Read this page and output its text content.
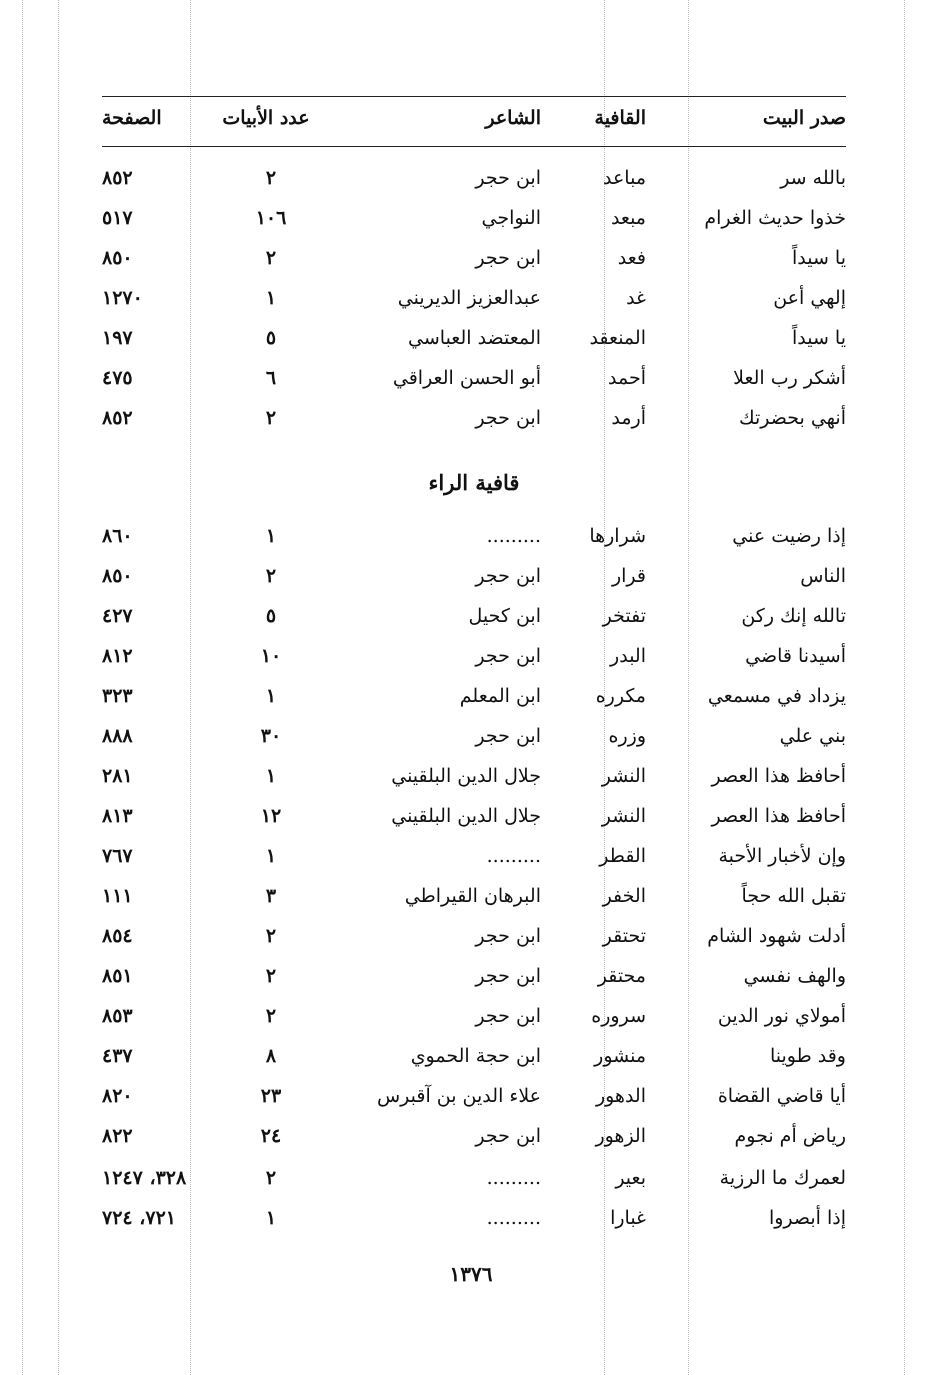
صدر البيت
القافية
الشاعر
عدد الأبيات
الصفحة
بالله سر
مباعد
ابن حجر
٢
٨٥٢
خذوا حديث الغرام
مبعد
النواجي
١٠٦
٥١٧
يا سيداً
فعد
ابن حجر
٢
٨٥٠
إلهي أعن
غد
عبدالعزيز الديريني
١
١٢٧٠
يا سيداً
المنعقد
المعتضد العباسي
٥
١٩٧
أشكر رب العلا
أحمد
أبو الحسن العراقي
٦
٤٧٥
أنهي بحضرتك
أرمد
ابن حجر
٢
٨٥٢
قافية الراء
إذا رضيت عني
شرارها
.........
١
٨٦٠
الناس
قرار
ابن حجر
٢
٨٥٠
تالله إنك ركن
تفتخر
ابن كحيل
٥
٤٢٧
أسيدنا قاضي
البدر
ابن حجر
١٠
٨١٢
يزداد في مسمعي
مكرره
ابن المعلم
١
٣٢٣
بني علي
وزره
ابن حجر
٣٠
٨٨٨
أحافظ هذا العصر
النشر
جلال الدين البلقيني
١
٢٨١
أحافظ هذا العصر
النشر
جلال الدين البلقيني
١٢
٨١٣
وإن لأخبار الأحبة
القطر
.........
١
٧٦٧
تقبل الله حجاً
الخفر
البرهان القيراطي
٣
١١١
أدلت شهود الشام
تحتقر
ابن حجر
٢
٨٥٤
والهف نفسي
محتقر
ابن حجر
٢
٨٥١
أمولاي نور الدين
سروره
ابن حجر
٢
٨٥٣
وقد طوينا
منشور
ابن حجة الحموي
٨
٤٣٧
أيا قاضي القضاة
الدهور
علاء الدين بن آقبرس
٢٣
٨٢٠
رياض أم نجوم
الزهور
ابن حجر
٢٤
٨٢٢
لعمرك ما الرزية
بعير
.........
٢
٣٢٨، ١٢٤٧
إذا أبصروا
غبارا
.........
١
٧٢١، ٧٢٤
١٣٧٦
